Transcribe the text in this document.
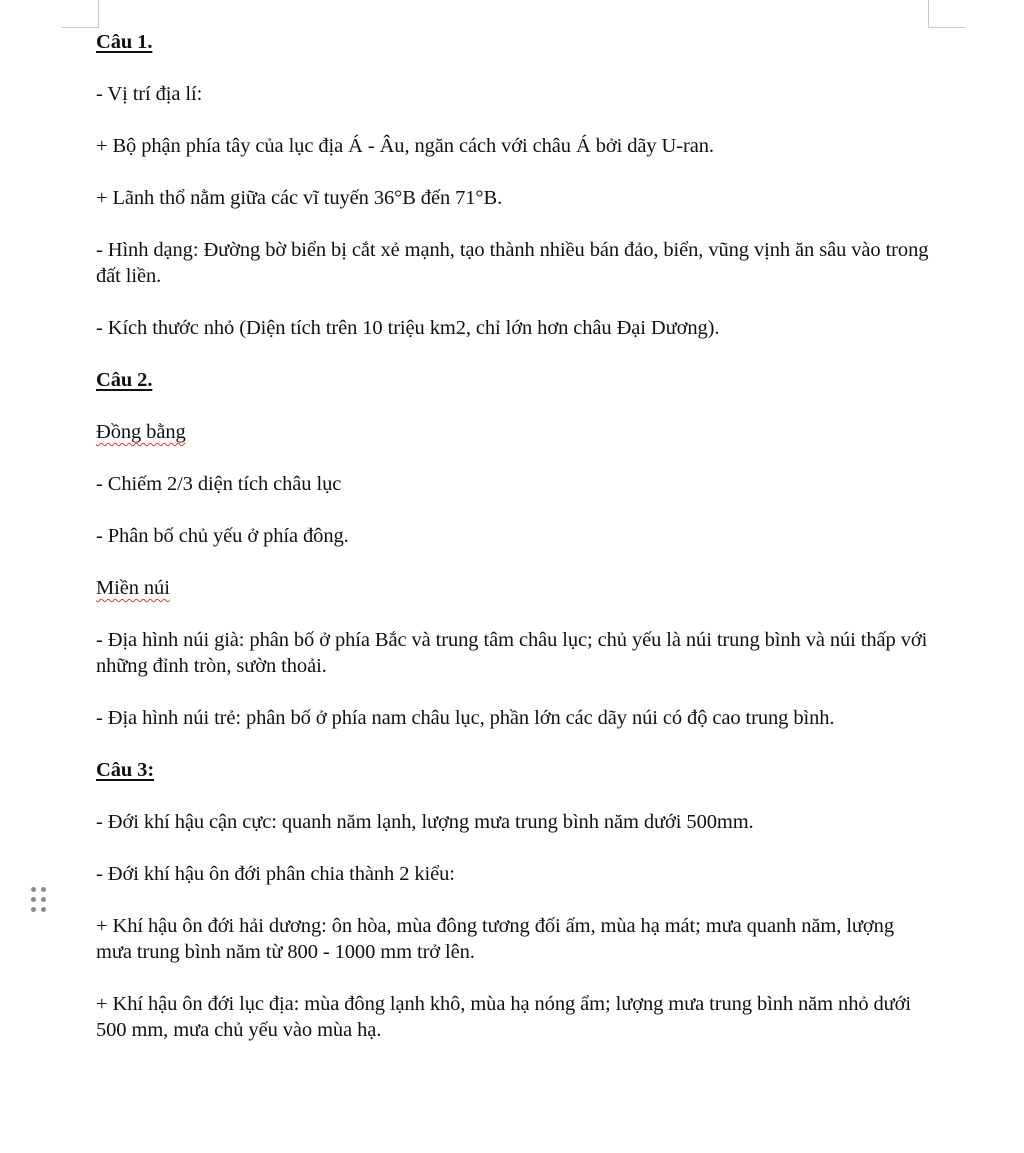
Câu 1.

- Vị trí địa lí:

+ Bộ phận phía tây của lục địa Á - Âu, ngăn cách với châu Á bởi dãy U-ran.

+ Lãnh thổ nằm giữa các vĩ tuyến 36°B đến 71°B.

- Hình dạng: Đường bờ biển bị cắt xẻ mạnh, tạo thành nhiều bán đảo, biển, vũng vịnh ăn sâu vào trong đất liền.

- Kích thước nhỏ (Diện tích trên 10 triệu km2, chỉ lớn hơn châu Đại Dương).

Câu 2.

Đồng bằng

- Chiếm 2/3 diện tích châu lục

- Phân bố chủ yếu ở phía đông.

Miền núi

- Địa hình núi già: phân bố ở phía Bắc và trung tâm châu lục; chủ yếu là núi trung bình và núi thấp với những đỉnh tròn, sườn thoải.

- Địa hình núi trẻ: phân bố ở phía nam châu lục, phần lớn các dãy núi có độ cao trung bình.

Câu 3:

- Đới khí hậu cận cực: quanh năm lạnh, lượng mưa trung bình năm dưới 500mm.

- Đới khí hậu ôn đới phân chia thành 2 kiểu:

+ Khí hậu ôn đới hải dương: ôn hòa, mùa đông tương đối ấm, mùa hạ mát; mưa quanh năm, lượng mưa trung bình năm từ 800 - 1000 mm trở lên.

+ Khí hậu ôn đới lục địa: mùa đông lạnh khô, mùa hạ nóng ẩm; lượng mưa trung bình năm nhỏ dưới 500 mm, mưa chủ yếu vào mùa hạ.
